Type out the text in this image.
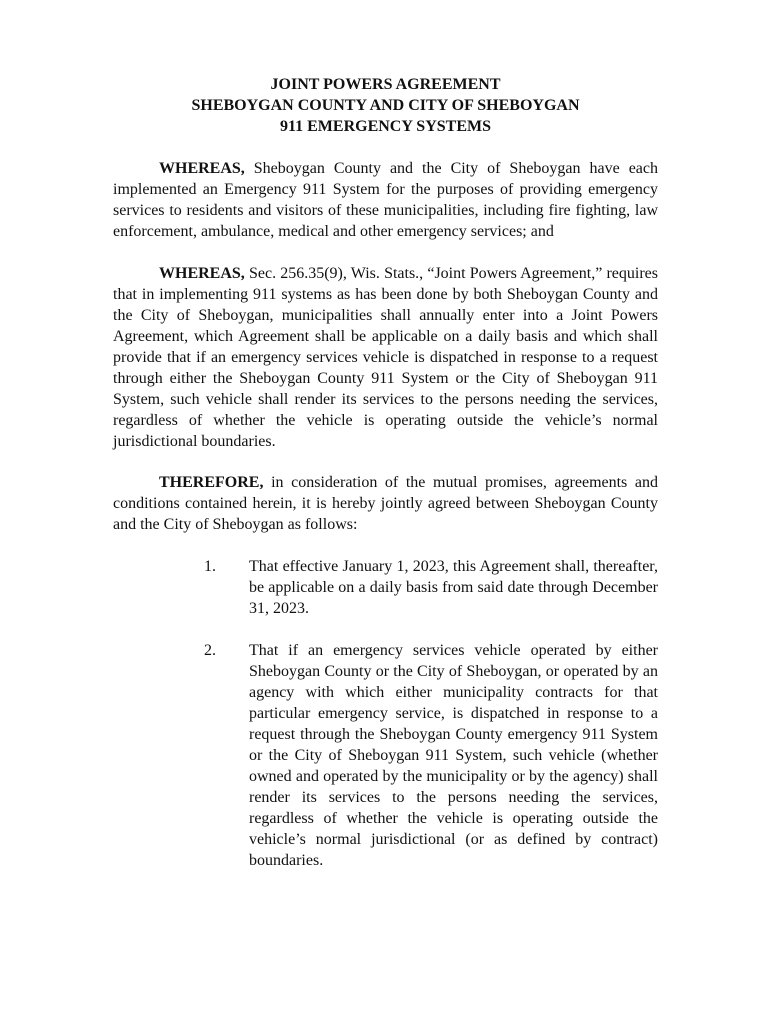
JOINT POWERS AGREEMENT

SHEBOYGAN COUNTY AND CITY OF SHEBOYGAN

911 EMERGENCY SYSTEMS

WHEREAS, Sheboygan County and the City of Sheboygan have each implemented an Emergency 911 System for the purposes of providing emergency services to residents and visitors of these municipalities, including fire fighting, law enforcement, ambulance, medical and other emergency services; and

WHEREAS, Sec. 256.35(9), Wis. Stats., “Joint Powers Agreement,” requires that in implementing 911 systems as has been done by both Sheboygan County and the City of Sheboygan, municipalities shall annually enter into a Joint Powers Agreement, which Agreement shall be applicable on a daily basis and which shall provide that if an emergency services vehicle is dispatched in response to a request through either the Sheboygan County 911 System or the City of Sheboygan 911 System, such vehicle shall render its services to the persons needing the services, regardless of whether the vehicle is operating outside the vehicle’s normal jurisdictional boundaries.

THEREFORE, in consideration of the mutual promises, agreements and conditions contained herein, it is hereby jointly agreed between Sheboygan County and the City of Sheboygan as follows:

1. That effective January 1, 2023, this Agreement shall, thereafter, be applicable on a daily basis from said date through December 31, 2023.
2. That if an emergency services vehicle operated by either Sheboygan County or the City of Sheboygan, or operated by an agency with which either municipality contracts for that particular emergency service, is dispatched in response to a request through the Sheboygan County emergency 911 System or the City of Sheboygan 911 System, such vehicle (whether owned and operated by the municipality or by the agency) shall render its services to the persons needing the services, regardless of whether the vehicle is operating outside the vehicle’s normal jurisdictional (or as defined by contract) boundaries.
